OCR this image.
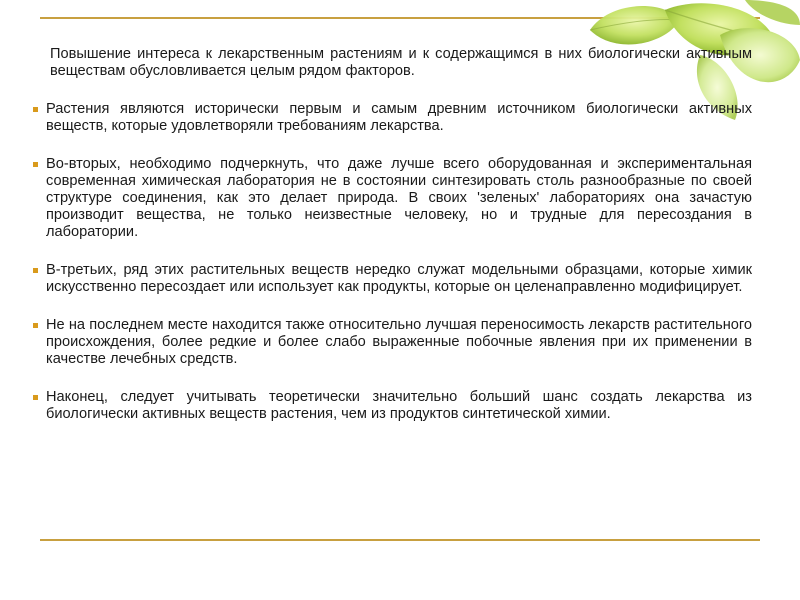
Повышение интереса к лекарственным растениям и к содержащимся в них биологически активным веществам обусловливается целым рядом факторов.

Растения являются исторически первым и самым древним источником биологически активных веществ, которые удовлетворяли требованиям лекарства.

Во-вторых, необходимо подчеркнуть, что даже лучше всего оборудованная и экспериментальная современная химическая лаборатория не в состоянии синтезировать столь разнообразные по своей структуре соединения, как это делает природа. В своих 'зеленых' лабораториях она зачастую производит вещества, не только неизвестные человеку, но и трудные для пересоздания в лаборатории.

В-третьих, ряд этих растительных веществ нередко служат модельными образцами, которые химик искусственно пересоздает или использует как продукты, которые он целенаправленно модифицирует.

Не на последнем месте находится также относительно лучшая переносимость лекарств растительного происхождения, более редкие и более слабо выраженные побочные явления при их применении в качестве лечебных средств.

Наконец, следует учитывать теоретически значительно больший шанс создать лекарства из биологически активных веществ растения, чем из продуктов синтетической химии.
